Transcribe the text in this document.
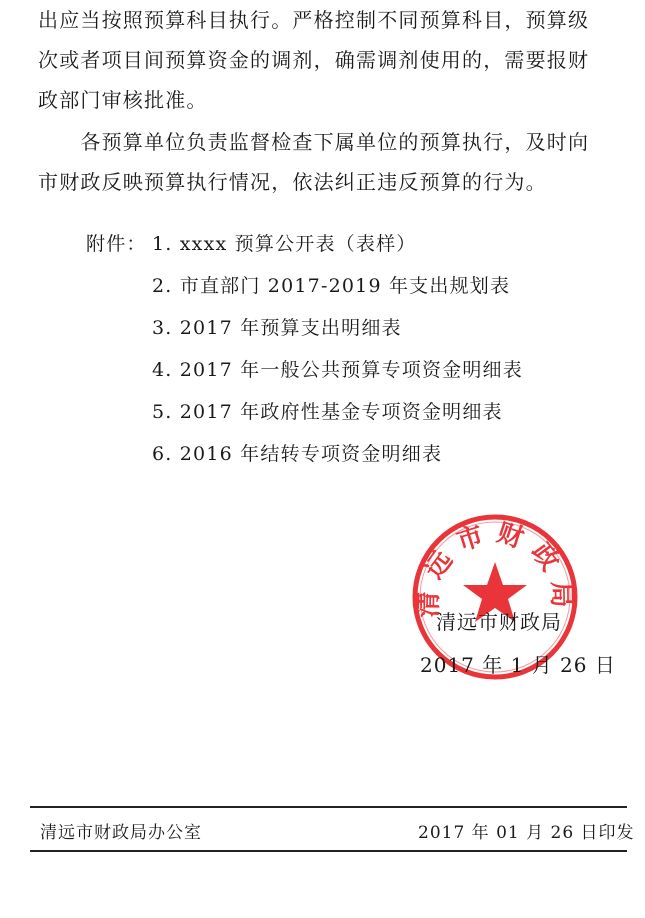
出应当按照预算科目执行。严格控制不同预算科目，预算级
次或者项目间预算资金的调剂，确需调剂使用的，需要报财
政部门审核批准。
　　各预算单位负责监督检查下属单位的预算执行，及时向
市财政反映预算执行情况，依法纠正违反预算的行为。
附件： 1. xxxx 预算公开表（表样）
2. 市直部门 2017-2019 年支出规划表
3. 2017 年预算支出明细表
4. 2017 年一般公共预算专项资金明细表
5. 2017 年政府性基金专项资金明细表
6. 2016 年结转专项资金明细表
清远市财政局
清远市财政局
2017 年 1 月 26 日
清远市财政局办公室	2017 年 01 月 26 日印发
